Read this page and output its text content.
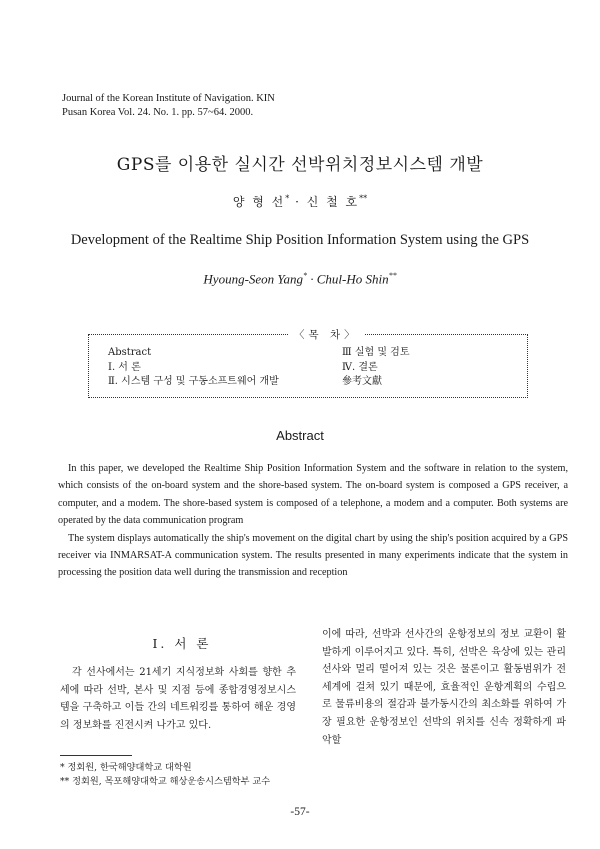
Journal of the Korean Institute of Navigation. KIN
Pusan Korea Vol. 24. No. 1. pp. 57~64. 2000.
GPS를 이용한 실시간 선박위치정보시스템 개발
양 형 선* · 신 철 호**
Development of the Realtime Ship Position Information System using the GPS
Hyoung-Seon Yang* · Chul-Ho Shin**
〈목 차〉
Abstract
Ⅰ. 서 론
Ⅱ. 시스템 구성 및 구동소프트웨어 개발
Ⅲ 실험 및 검토
Ⅳ. 결론
參考文獻
Abstract

In this paper, we developed the Realtime Ship Position Information System and the software in relation to the system, which consists of the on-board system and the shore-based system. The on-board system is composed a GPS receiver, a computer, and a modem. The shore-based system is composed of a telephone, a modem and a computer. Both systems are operated by the data communication program

The system displays automatically the ship's movement on the digital chart by using the ship's position acquired by a GPS receiver via INMARSAT-A communication system. The results presented in many experiments indicate that the system in processing the position data well during the transmission and reception

Ⅰ. 서 론

각 선사에서는 21세기 지식정보화 사회를 향한 추세에 따라 선박, 본사 및 지점 등에 종합경영정보시스템을 구축하고 이들 간의 네트워킹를 통하여 해운 경영의 정보화를 진전시켜 나가고 있다.

이에 따라, 선박과 선사간의 운항정보의 정보 교환이 활발하게 이루어지고 있다. 특히, 선박은 육상에 있는 관리선사와 멀리 떨어져 있는 것은 물론이고 활동범위가 전세계에 걸쳐 있기 때문에, 효율적인 운항계획의 수립으로 물류비용의 절감과 불가동시간의 최소화를 위하여 가장 필요한 운항정보인 선박의 위치를 신속 정확하게 파악할

* 정회원, 한국해양대학교 대학원
** 정회원, 목포해양대학교 해상운송시스템학부 교수
-57-
